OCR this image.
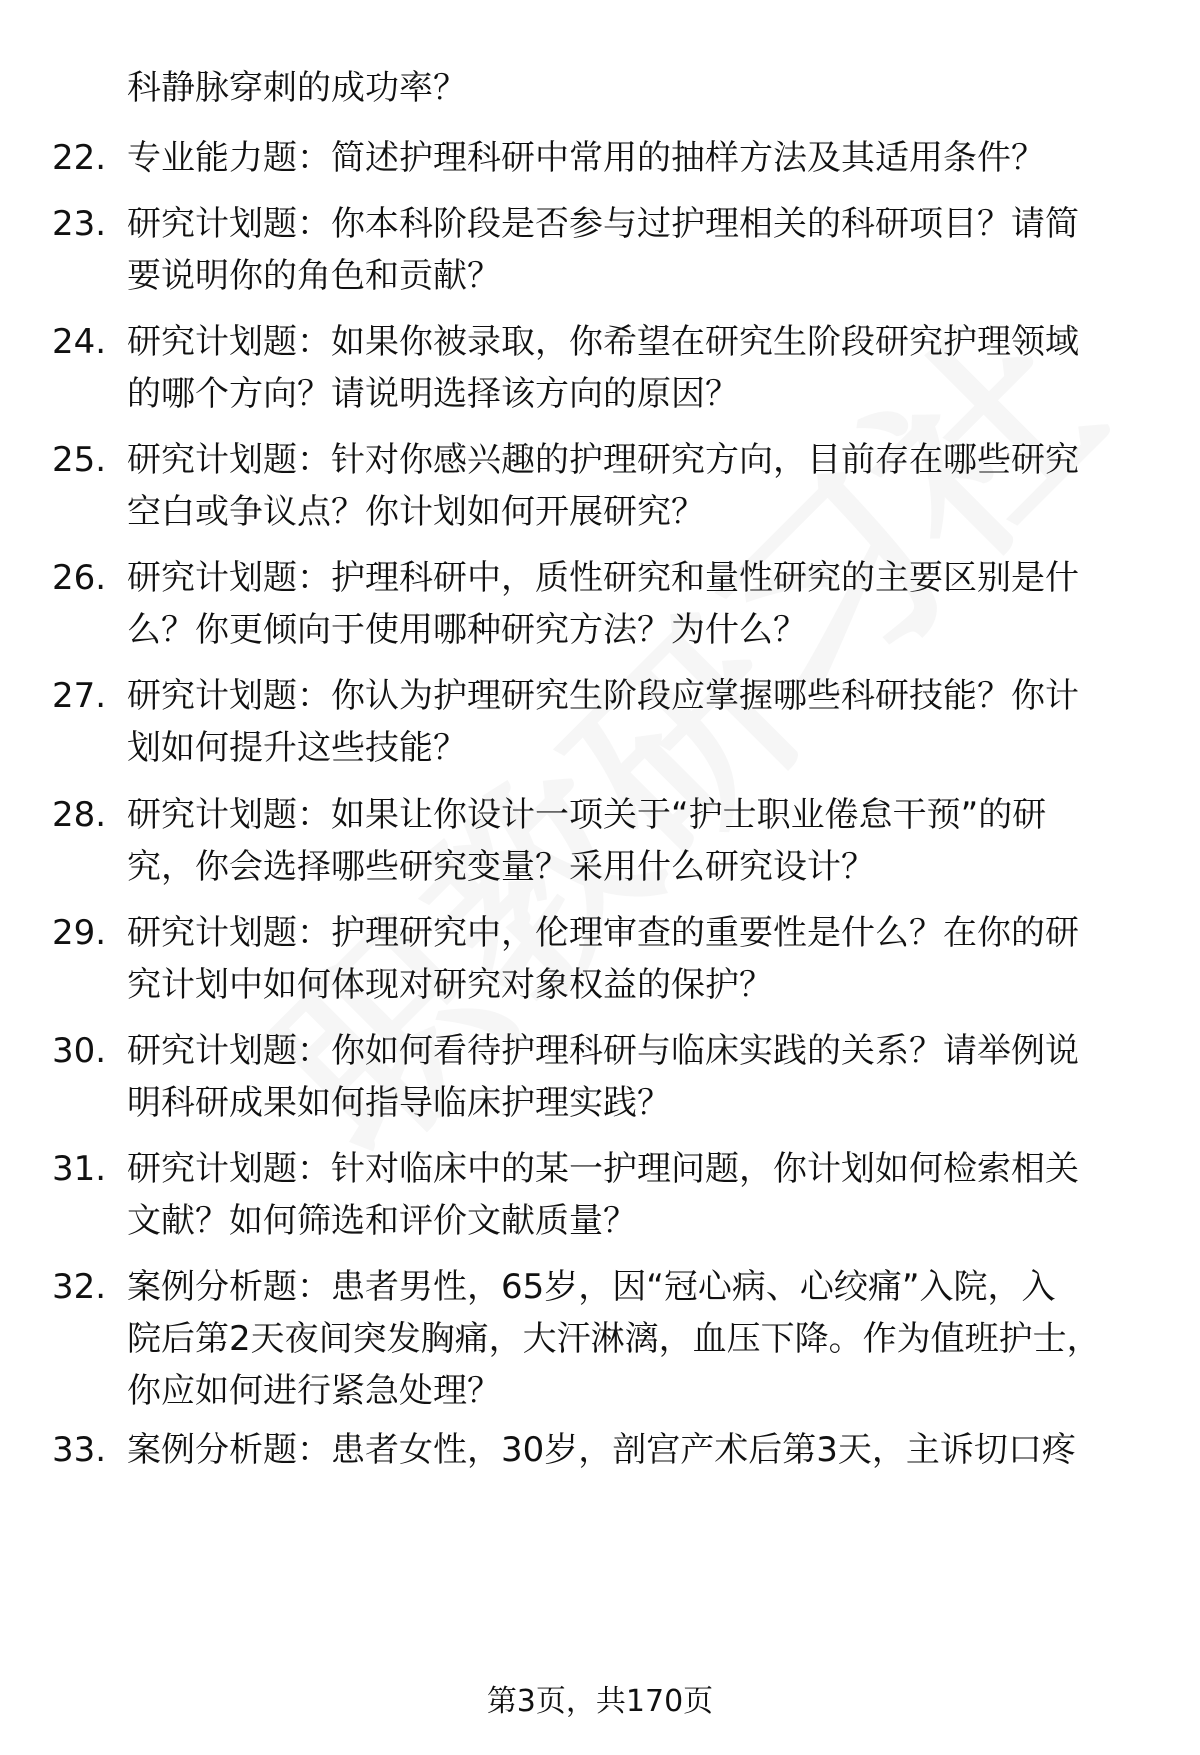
科静脉穿刺的成功率？
22. 专业能力题：简述护理科研中常用的抽样方法及其适用条件？
23. 研究计划题：你本科阶段是否参与过护理相关的科研项目？请简
要说明你的角色和贡献？
24. 研究计划题：如果你被录取，你希望在研究生阶段研究护理领域
的哪个方向？请说明选择该方向的原因？
25. 研究计划题：针对你感兴趣的护理研究方向，目前存在哪些研究
空白或争议点？你计划如何开展研究？
26. 研究计划题：护理科研中，质性研究和量性研究的主要区别是什
么？你更倾向于使用哪种研究方法？为什么？
27. 研究计划题：你认为护理研究生阶段应掌握哪些科研技能？你计
划如何提升这些技能？
28. 研究计划题：如果让你设计一项关于“护士职业倦怠干预”的研
究，你会选择哪些研究变量？采用什么研究设计？
29. 研究计划题：护理研究中，伦理审查的重要性是什么？在你的研
究计划中如何体现对研究对象权益的保护？
30. 研究计划题：你如何看待护理科研与临床实践的关系？请举例说
明科研成果如何指导临床护理实践？
31. 研究计划题：针对临床中的某一护理问题，你计划如何检索相关
文献？如何筛选和评价文献质量？
32. 案例分析题：患者男性，65岁，因“冠心病、心绞痛”入院，入
院后第2天夜间突发胸痛，大汗淋漓，血压下降。作为值班护士，
你应如何进行紧急处理？
33. 案例分析题：患者女性，30岁，剖宫产术后第3天，主诉切口疼
第3页，共170页
